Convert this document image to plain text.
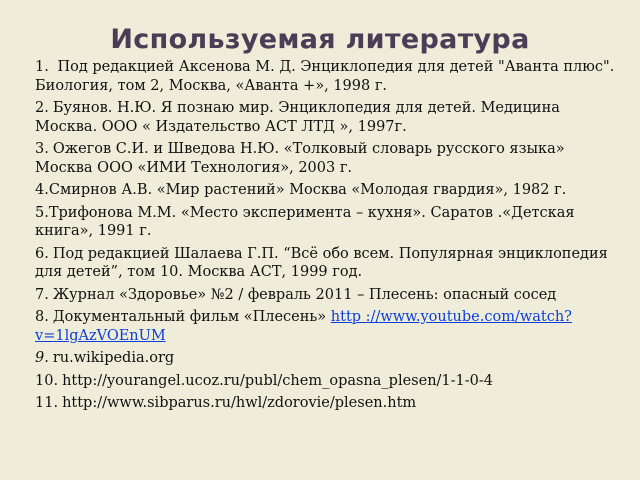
Используемая литература
1. Под редакцией Аксенова М. Д. Энциклопедия для детей "Аванта плюс". Биология, том 2, Москва, «Аванта +», 1998 г.
2. Буянов. Н.Ю. Я познаю мир. Энциклопедия для детей. Медицина Москва. ООО « Издательство АСТ ЛТД », 1997г.
3. Ожегов С.И. и Шведова Н.Ю. «Толковый словарь русского языка» Москва ООО «ИМИ Технология», 2003 г.
4.Смирнов А.В. «Мир растений» Москва «Молодая гвардия», 1982 г.
5.Трифонова М.М. «Место эксперимента – кухня». Саратов .«Детская книга», 1991 г.
6. Под редакцией Шалаева Г.П. “Всё обо всем. Популярная энциклопедия для детей”, том 10. Москва АСТ, 1999 год.
7. Журнал «Здоровье» №2 / февраль 2011 – Плесень: опасный сосед
8. Документальный фильм «Плесень» http ://www.youtube.com/watch?v=1lgAzVOEnUM
9. ru.wikipedia.org
10. http://yourangel.ucoz.ru/publ/chem_opasna_plesen/1-1-0-4
11. http://www.sibparus.ru/hwl/zdorovie/plesen.htm
